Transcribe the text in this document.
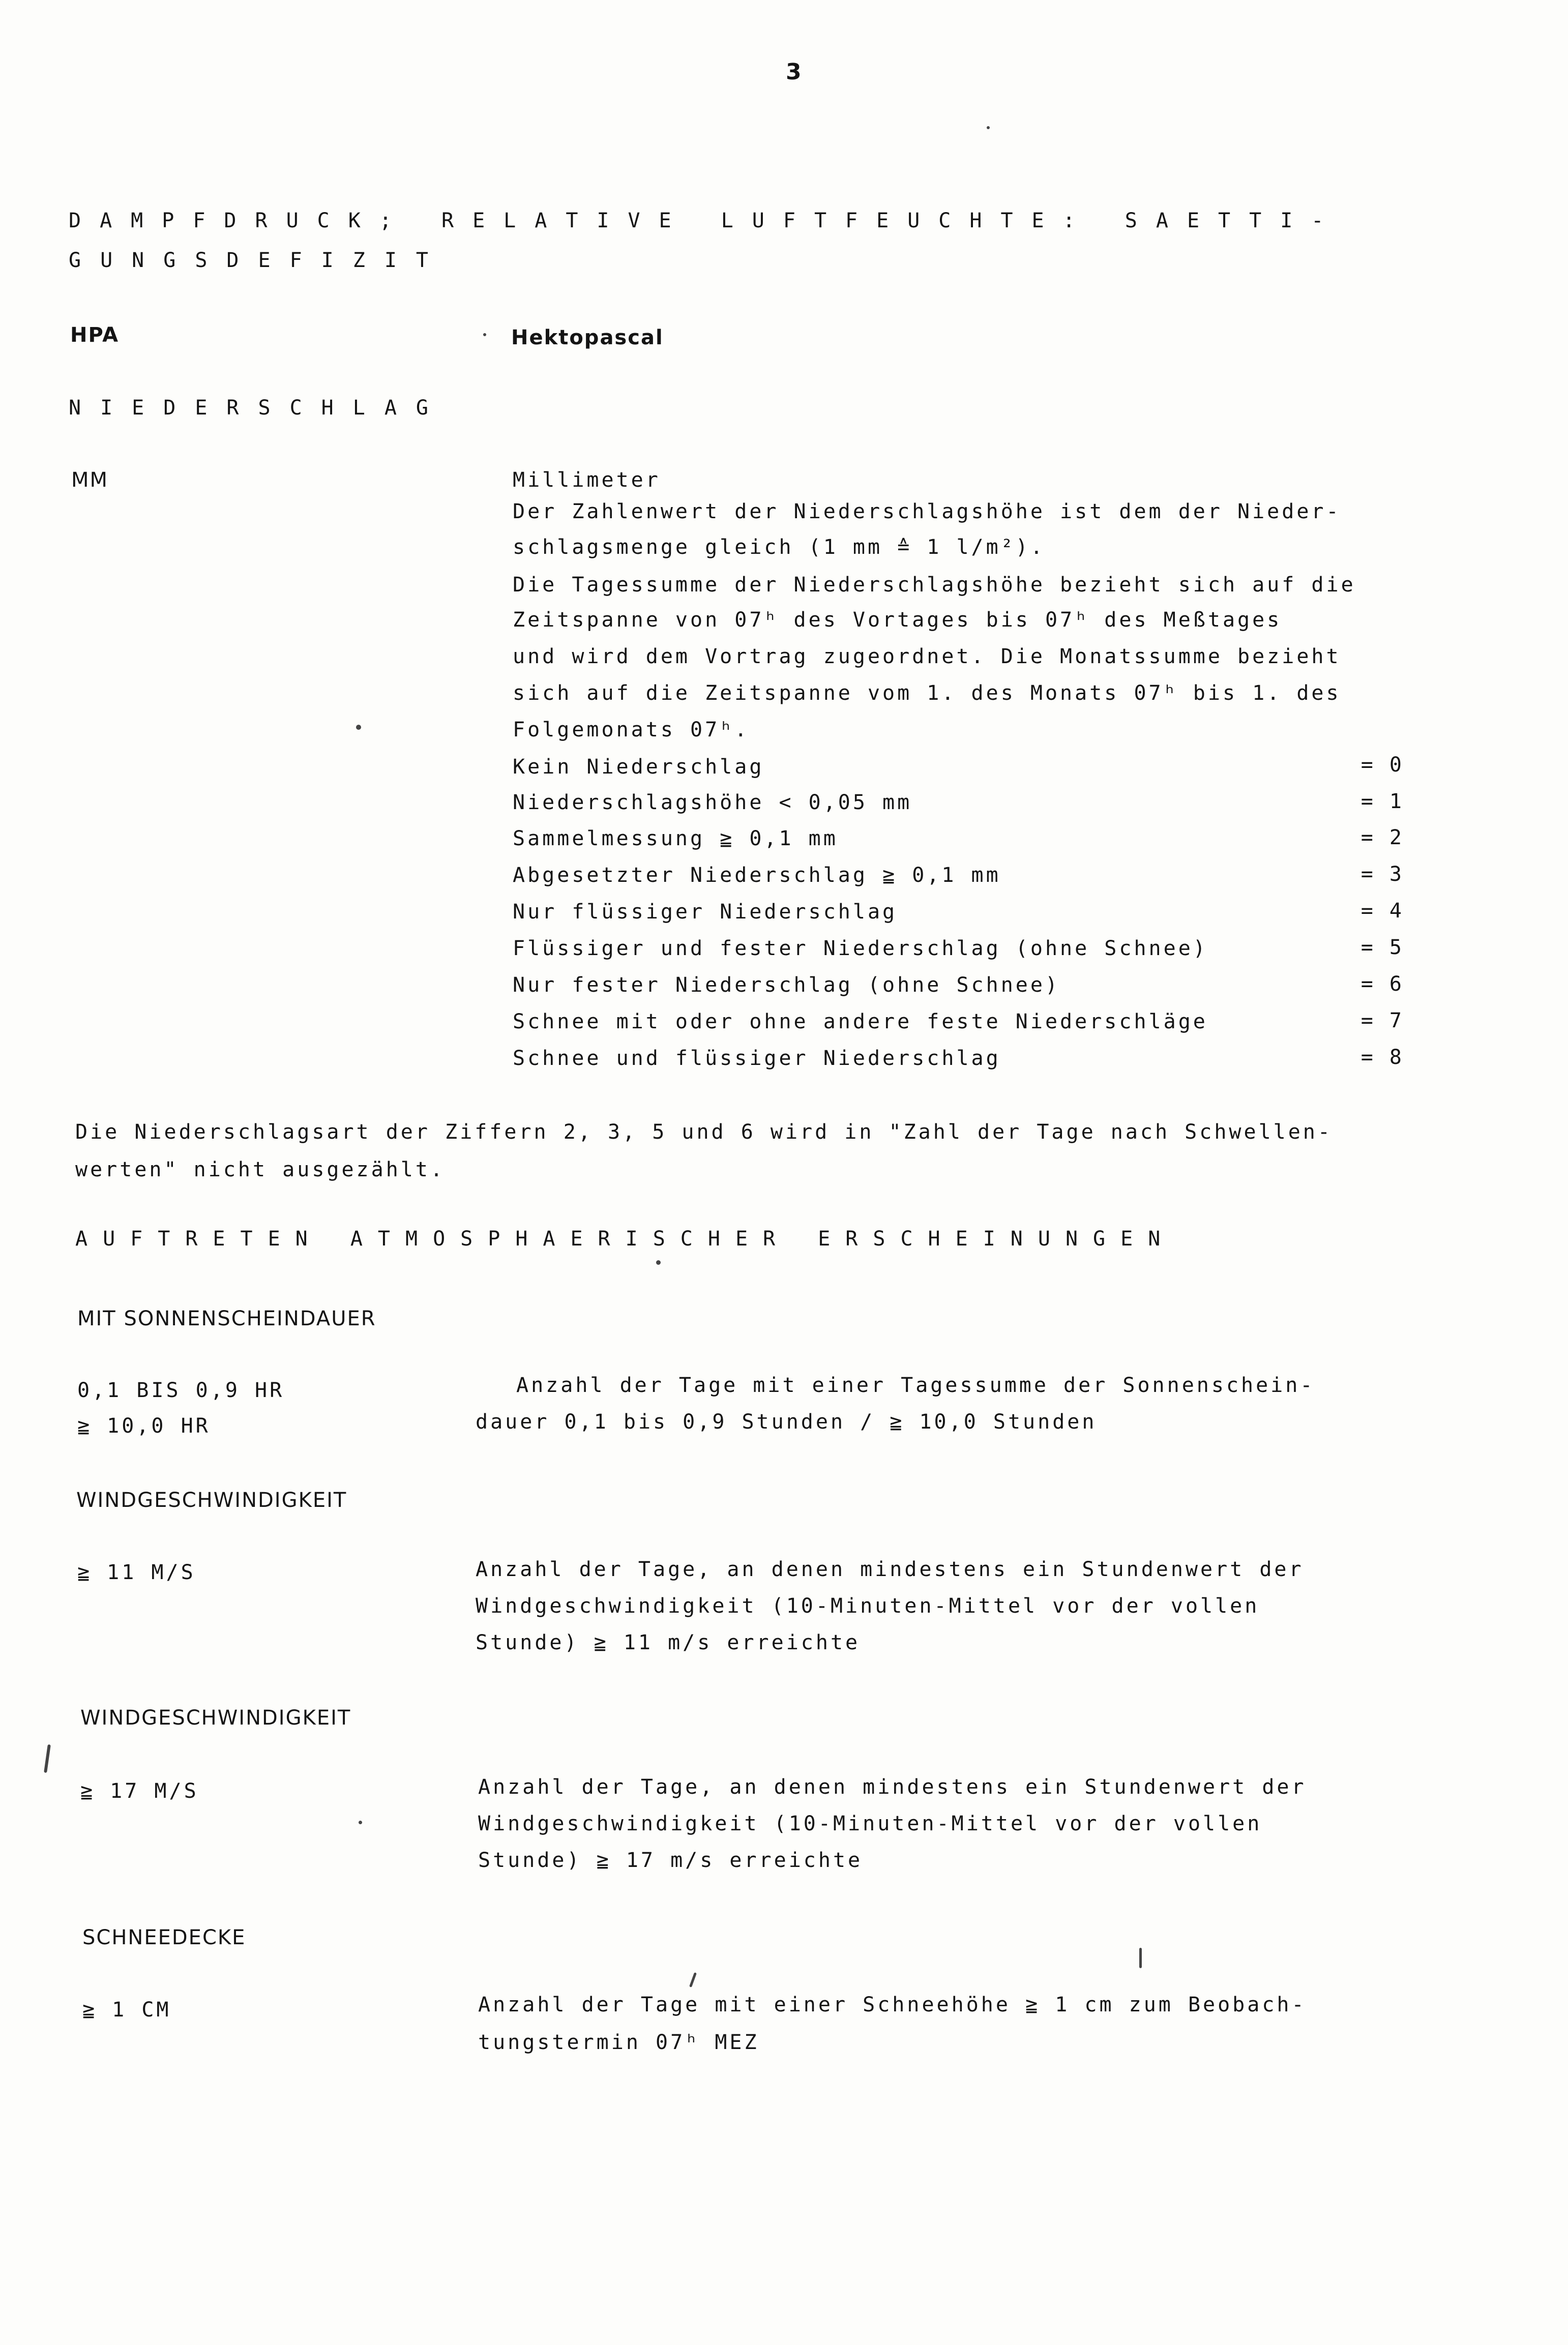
3
DAMPFDRUCK; RELATIVE LUFTFEUCHTE: SAETTI-
GUNGSDEFIZIT
HPA	Hektopascal
NIEDERSCHLAG
MM	Millimeter
Der Zahlenwert der Niederschlagshöhe ist dem der Nieder-
schlagsmenge gleich (1 mm ≙ 1 l/m²).
Die Tagessumme der Niederschlagshöhe bezieht sich auf die
Zeitspanne von 07ʰ des Vortages bis 07ʰ des Meßtages
und wird dem Vortrag zugeordnet. Die Monatssumme bezieht
sich auf die Zeitspanne vom 1. des Monats 07ʰ bis 1. des
Folgemonats 07ʰ.
Kein Niederschlag	= 0
Niederschlagshöhe < 0,05 mm	= 1
Sammelmessung ≧ 0,1 mm	= 2
Abgesetzter Niederschlag ≧ 0,1 mm	= 3
Nur flüssiger Niederschlag	= 4
Flüssiger und fester Niederschlag (ohne Schnee)	= 5
Nur fester Niederschlag (ohne Schnee)	= 6
Schnee mit oder ohne andere feste Niederschläge	= 7
Schnee und flüssiger Niederschlag	= 8
Die Niederschlagsart der Ziffern 2, 3, 5 und 6 wird in "Zahl der Tage nach Schwellen-
werten" nicht ausgezählt.
AUFTRETEN ATMOSPHAERISCHER ERSCHEINUNGEN
MIT SONNENSCHEINDAUER
0,1 BIS 0,9 HR
≧ 10,0 HR
Anzahl der Tage mit einer Tagessumme der Sonnenschein-
dauer 0,1 bis 0,9 Stunden / ≧ 10,0 Stunden
WINDGESCHWINDIGKEIT
≧ 11 M/S	Anzahl der Tage, an denen mindestens ein Stundenwert der
Windgeschwindigkeit (10-Minuten-Mittel vor der vollen
Stunde) ≧ 11 m/s erreichte
WINDGESCHWINDIGKEIT
≧ 17 M/S	Anzahl der Tage, an denen mindestens ein Stundenwert der
Windgeschwindigkeit (10-Minuten-Mittel vor der vollen
Stunde) ≧ 17 m/s erreichte
SCHNEEDECKE
≧ 1 CM	Anzahl der Tage mit einer Schneehöhe ≧ 1 cm zum Beobach-
tungstermin 07ʰ MEZ
